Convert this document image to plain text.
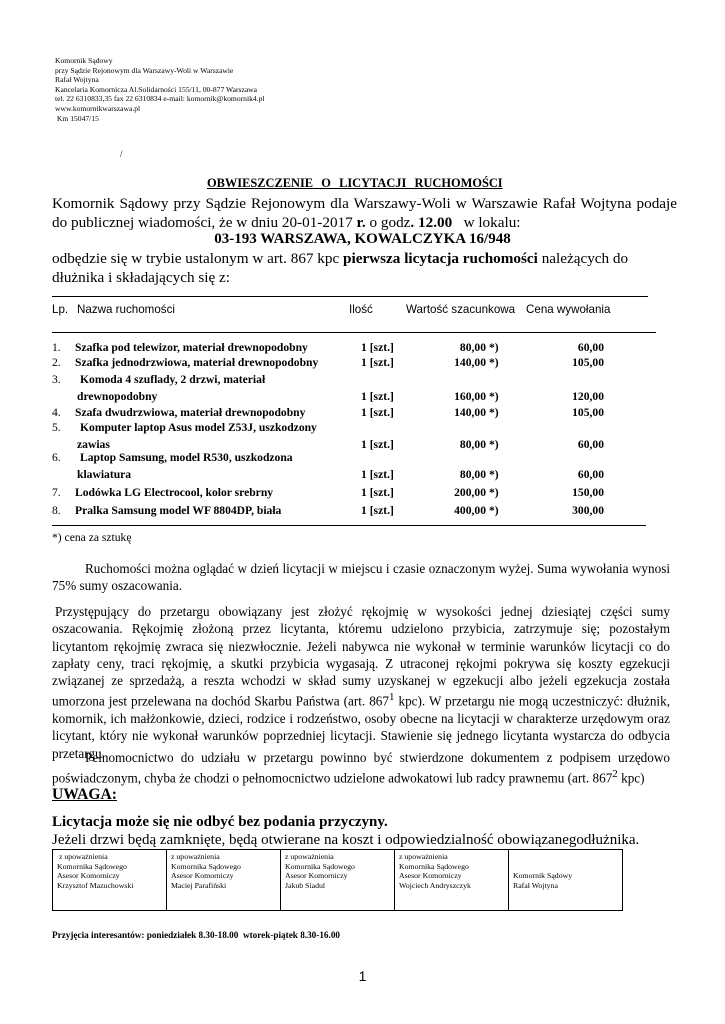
Komornik Sądowy
przy Sądzie Rejonowym dla Warszawy-Woli w Warszawie
Rafał Wojtyna
Kancelaria Komornicza Al.Solidarności 155/11, 00-877 Warszawa
tel. 22 6310833,35 fax 22 6310834 e-mail: komornik@komornik4.pl
www.komornikwarszawa.pl
Km 15047/15
/
OBWIESZCZENIE  O  LICYTACJI  RUCHOMOŚCI
Komornik Sądowy przy Sądzie Rejonowym dla Warszawy-Woli w Warszawie Rafał Wojtyna podaje do publicznej wiadomości, że w dniu 20-01-2017 r. o godz. 12.00   w lokalu:
03-193 WARSZAWA, KOWALCZYKA 16/948
odbędzie się w trybie ustalonym w art. 867 kpc pierwsza licytacja ruchomości należących do dłużnika i składających się z:
Lp. Nazwa ruchomości	Ilość	Wartość szacunkowa Cena wywołania
1. Szafka pod telewizor, materiał drewnopodobny	1 [szt.]	80,00 *)	60,00
2. Szafka jednodrzwiowa, materiał drewnopodobny	1 [szt.]	140,00 *)	105,00
3. Komoda 4 szuflady, 2 drzwi, materiał
drewnopodobny	1 [szt.]	160,00 *)	120,00
4. Szafa dwudrzwiowa, materiał drewnopodobny	1 [szt.]	140,00 *)	105,00
5. Komputer laptop Asus model Z53J, uszkodzony
zawias	1 [szt.]	80,00 *)	60,00
6. Laptop Samsung, model R530, uszkodzona
klawiatura	1 [szt.]	80,00 *)	60,00
7. Lodówka LG Electrocool, kolor srebrny	1 [szt.]	200,00 *)	150,00
8. Pralka Samsung model WF 8804DP, biała	1 [szt.]	400,00 *)	300,00
*) cena za sztukę
Ruchomości można oglądać w dzień licytacji w miejscu i czasie oznaczonym wyżej. Suma wywołania wynosi 75% sumy oszacowania.
Przystępujący do przetargu obowiązany jest złożyć rękojmię w wysokości jednej dziesiątej części sumy oszacowania. Rękojmię złożoną przez licytanta, któremu udzielono przybicia, zatrzymuje się; pozostałym licytantom rękojmię zwraca się niezwłocznie. Jeżeli nabywca nie wykonał w terminie warunków licytacji co do zapłaty ceny, traci rękojmię, a skutki przybicia wygasają. Z utraconej rękojmi pokrywa się koszty egzekucji związanej ze sprzedażą, a reszta wchodzi w skład sumy uzyskanej w egzekucji albo jeżeli egzekucja została umorzona jest przelewana na dochód Skarbu Państwa (art. $867^1$ kpc). W przetargu nie mogą uczestniczyć: dłużnik, komornik, ich małżonkowie, dzieci, rodzice i rodzeństwo, osoby obecne na licytacji w charakterze urzędowym oraz licytant, który nie wykonał warunków poprzedniej licytacji. Stawienie się jednego licytanta wystarcza do odbycia przetargu.
Pełnomocnictwo do udziału w przetargu powinno być stwierdzone dokumentem z podpisem urzędowo poświadczonym, chyba że chodzi o pełnomocnictwo udzielone adwokatowi lub radcy prawnemu (art. $867^2$ kpc)
UWAGA:
Licytacja może się nie odbyć bez podania przyczyny.
Jeżeli drzwi będą zamknięte, będą otwierane na koszt i odpowiedzialność obowiązanegodłużnika.
z upoważnienia
Komornika Sądowego
Asesor Komorniczy
Krzysztof Mazuchowski

z upoważnienia
Komornika Sądowego
Asesor Komorniczy
Maciej Parafiński

z upoważnienia
Komornika Sądowego
Asesor Komorniczy
Jakub Siadul

z upoważnienia
Komornika Sądowego
Asesor Komorniczy
Wojciech Andryszczyk

Komornik Sądowy
Rafał Wojtyna
Przyjęcia interesantów: poniedziałek 8.30-18.00  wtorek-piątek 8.30-16.00
1
